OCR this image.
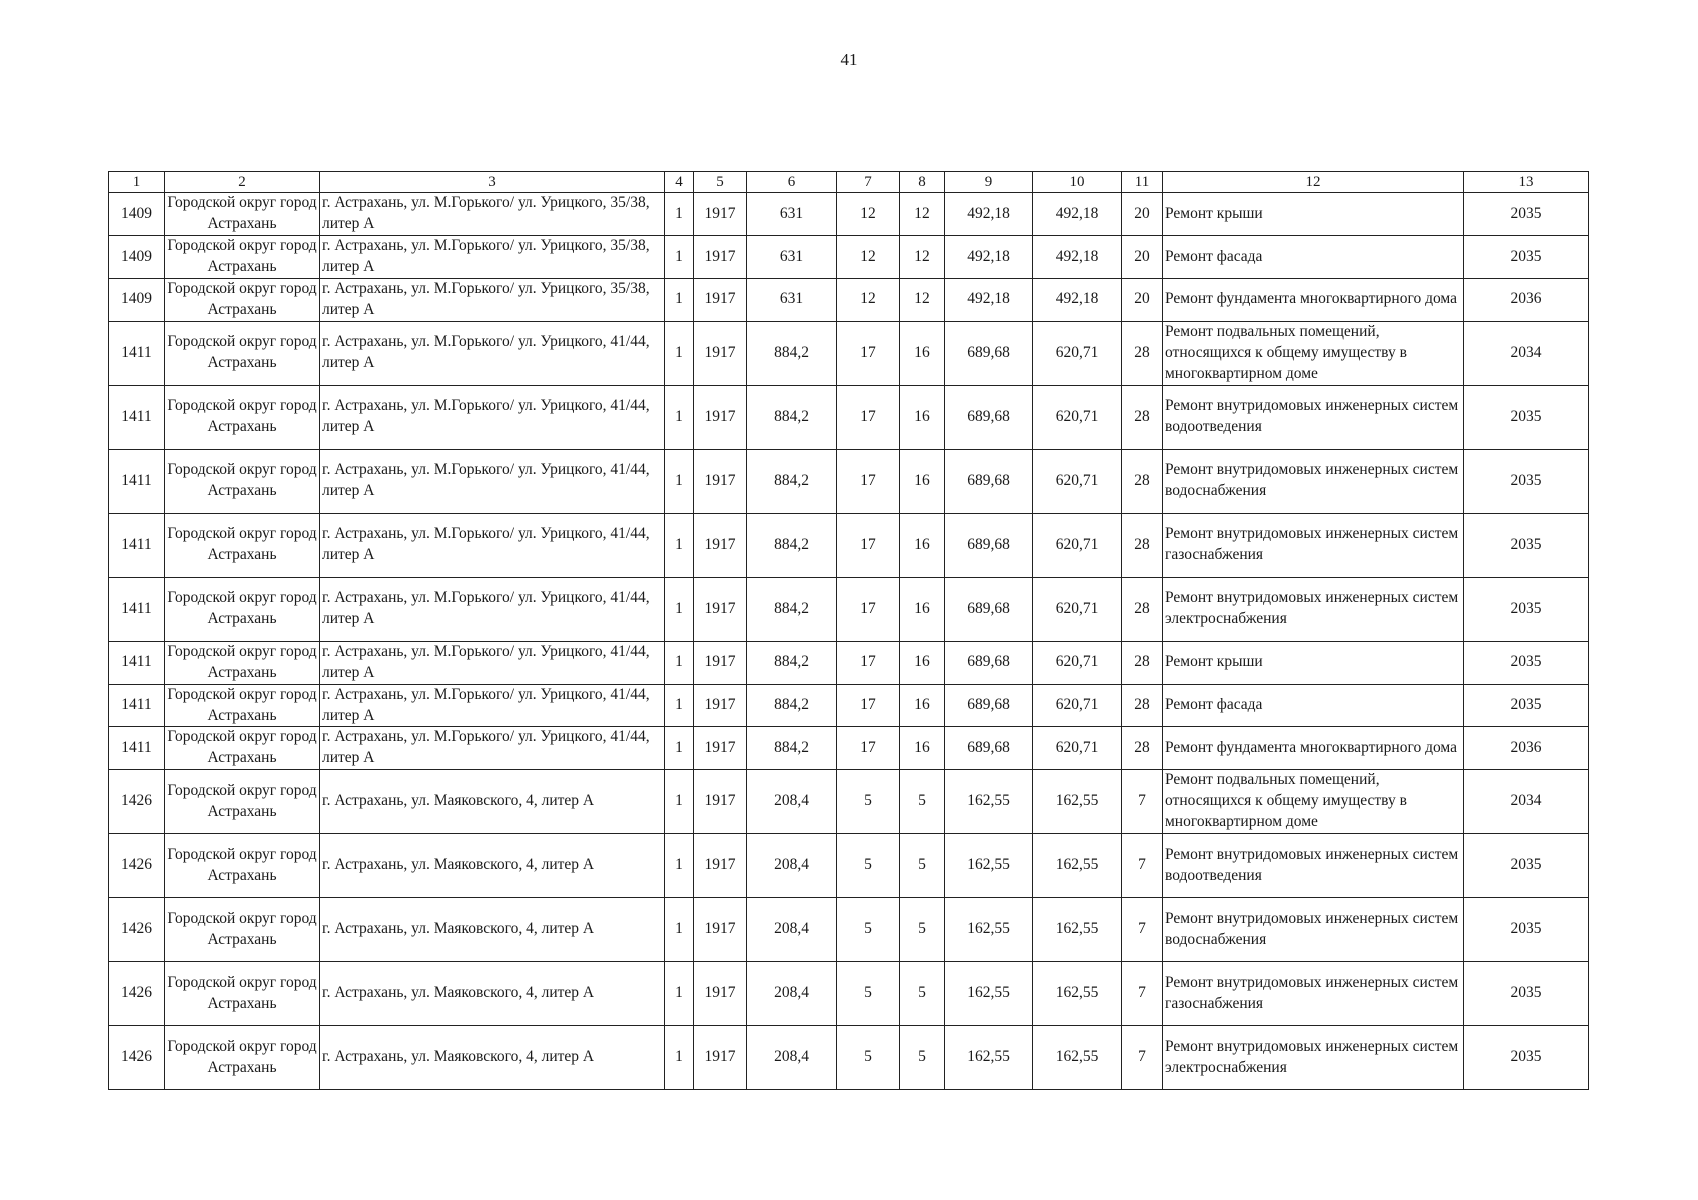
41
1	2	3	4	5	6	7	8	9	10	11	12	13
1409	Городской округ город Астрахань	г. Астрахань, ул. М.Горького/ ул. Урицкого, 35/38, литер А	1	1917	631	12	12	492,18	492,18	20	Ремонт крыши	2035
1409	Городской округ город Астрахань	г. Астрахань, ул. М.Горького/ ул. Урицкого, 35/38, литер А	1	1917	631	12	12	492,18	492,18	20	Ремонт фасада	2035
1409	Городской округ город Астрахань	г. Астрахань, ул. М.Горького/ ул. Урицкого, 35/38, литер А	1	1917	631	12	12	492,18	492,18	20	Ремонт фундамента многоквартирного дома	2036
1411	Городской округ город Астрахань	г. Астрахань, ул. М.Горького/ ул. Урицкого, 41/44, литер А	1	1917	884,2	17	16	689,68	620,71	28	Ремонт подвальных помещений, относящихся к общему имуществу в многоквартирном доме	2034
1411	Городской округ город Астрахань	г. Астрахань, ул. М.Горького/ ул. Урицкого, 41/44, литер А	1	1917	884,2	17	16	689,68	620,71	28	Ремонт внутридомовых инженерных систем водоотведения	2035
1411	Городской округ город Астрахань	г. Астрахань, ул. М.Горького/ ул. Урицкого, 41/44, литер А	1	1917	884,2	17	16	689,68	620,71	28	Ремонт внутридомовых инженерных систем водоснабжения	2035
1411	Городской округ город Астрахань	г. Астрахань, ул. М.Горького/ ул. Урицкого, 41/44, литер А	1	1917	884,2	17	16	689,68	620,71	28	Ремонт внутридомовых инженерных систем газоснабжения	2035
1411	Городской округ город Астрахань	г. Астрахань, ул. М.Горького/ ул. Урицкого, 41/44, литер А	1	1917	884,2	17	16	689,68	620,71	28	Ремонт внутридомовых инженерных систем электроснабжения	2035
1411	Городской округ город Астрахань	г. Астрахань, ул. М.Горького/ ул. Урицкого, 41/44, литер А	1	1917	884,2	17	16	689,68	620,71	28	Ремонт крыши	2035
1411	Городской округ город Астрахань	г. Астрахань, ул. М.Горького/ ул. Урицкого, 41/44, литер А	1	1917	884,2	17	16	689,68	620,71	28	Ремонт фасада	2035
1411	Городской округ город Астрахань	г. Астрахань, ул. М.Горького/ ул. Урицкого, 41/44, литер А	1	1917	884,2	17	16	689,68	620,71	28	Ремонт фундамента многоквартирного дома	2036
1426	Городской округ город Астрахань	г. Астрахань, ул. Маяковского, 4, литер А	1	1917	208,4	5	5	162,55	162,55	7	Ремонт подвальных помещений, относящихся к общему имуществу в многоквартирном доме	2034
1426	Городской округ город Астрахань	г. Астрахань, ул. Маяковского, 4, литер А	1	1917	208,4	5	5	162,55	162,55	7	Ремонт внутридомовых инженерных систем водоотведения	2035
1426	Городской округ город Астрахань	г. Астрахань, ул. Маяковского, 4, литер А	1	1917	208,4	5	5	162,55	162,55	7	Ремонт внутридомовых инженерных систем водоснабжения	2035
1426	Городской округ город Астрахань	г. Астрахань, ул. Маяковского, 4, литер А	1	1917	208,4	5	5	162,55	162,55	7	Ремонт внутридомовых инженерных систем газоснабжения	2035
1426	Городской округ город Астрахань	г. Астрахань, ул. Маяковского, 4, литер А	1	1917	208,4	5	5	162,55	162,55	7	Ремонт внутридомовых инженерных систем электроснабжения	2035
